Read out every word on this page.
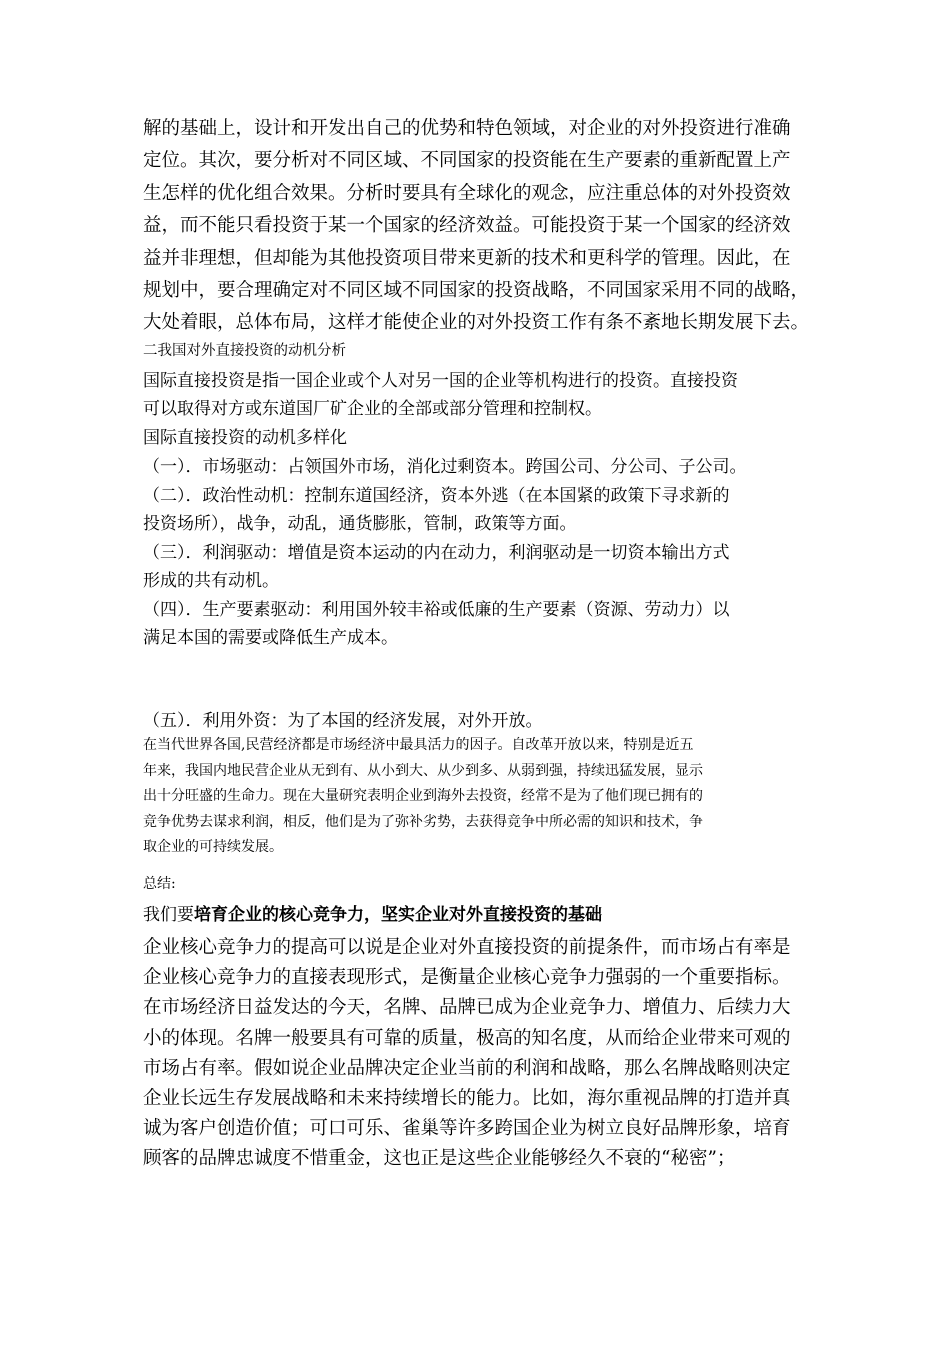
解的基础上，设计和开发出自己的优势和特色领域，对企业的对外投资进行准确
定位。其次，要分析对不同区域、不同国家的投资能在生产要素的重新配置上产
生怎样的优化组合效果。分析时要具有全球化的观念，应注重总体的对外投资效
益，而不能只看投资于某一个国家的经济效益。可能投资于某一个国家的经济效
益并非理想，但却能为其他投资项目带来更新的技术和更科学的管理。因此，在
规划中，要合理确定对不同区域不同国家的投资战略，不同国家采用不同的战略，
大处着眼，总体布局，这样才能使企业的对外投资工作有条不紊地长期发展下去。
二我国对外直接投资的动机分析
国际直接投资是指一国企业或个人对另一国的企业等机构进行的投资。直接投资
可以取得对方或东道国厂矿企业的全部或部分管理和控制权。
国际直接投资的动机多样化
（一）．市场驱动：占领国外市场，消化过剩资本。跨国公司、分公司、子公司。
（二）．政治性动机：控制东道国经济，资本外逃（在本国紧的政策下寻求新的
投资场所），战争，动乱，通货膨胀，管制，政策等方面。
（三）．利润驱动：增值是资本运动的内在动力，利润驱动是一切资本输出方式
形成的共有动机。
（四）．生产要素驱动：利用国外较丰裕或低廉的生产要素（资源、劳动力）以
满足本国的需要或降低生产成本。
（五）．利用外资：为了本国的经济发展，对外开放。
在当代世界各国,民营经济都是市场经济中最具活力的因子。自改革开放以来，特别是近五
年来，我国内地民营企业从无到有、从小到大、从少到多、从弱到强，持续迅猛发展，显示
出十分旺盛的生命力。现在大量研究表明企业到海外去投资，经常不是为了他们现已拥有的
竞争优势去谋求利润，相反，他们是为了弥补劣势，去获得竞争中所必需的知识和技术，争
取企业的可持续发展。
总结:
我们要培育企业的核心竞争力，坚实企业对外直接投资的基础
企业核心竞争力的提高可以说是企业对外直接投资的前提条件，而市场占有率是
企业核心竞争力的直接表现形式，是衡量企业核心竞争力强弱的一个重要指标。
在市场经济日益发达的今天，名牌、品牌已成为企业竞争力、增值力、后续力大
小的体现。名牌一般要具有可靠的质量，极高的知名度，从而给企业带来可观的
市场占有率。假如说企业品牌决定企业当前的利润和战略，那么名牌战略则决定
企业长远生存发展战略和未来持续增长的能力。比如，海尔重视品牌的打造并真
诚为客户创造价值；可口可乐、雀巢等许多跨国企业为树立良好品牌形象，培育
顾客的品牌忠诚度不惜重金，这也正是这些企业能够经久不衰的“秘密”；
